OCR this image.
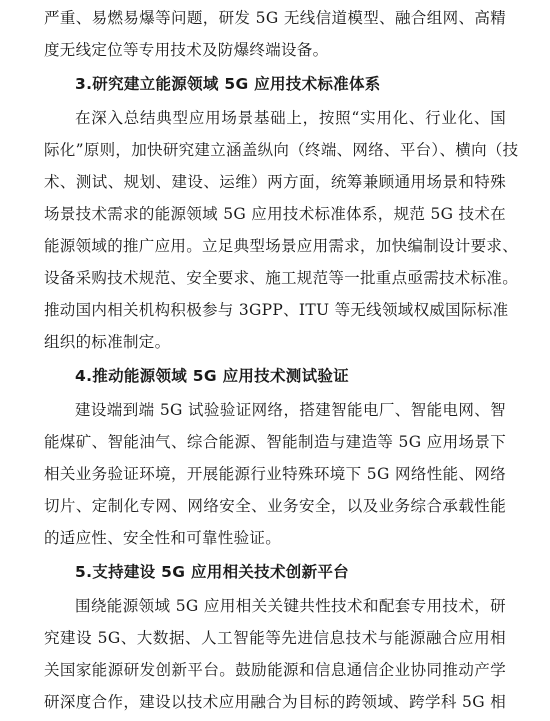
严重、易燃易爆等问题，研发 5G 无线信道模型、融合组网、高精
度无线定位等专用技术及防爆终端设备。
3.研究建立能源领域 5G 应用技术标准体系
在深入总结典型应用场景基础上，按照“实用化、行业化、国
际化”原则，加快研究建立涵盖纵向（终端、网络、平台）、横向（技
术、测试、规划、建设、运维）两方面，统筹兼顾通用场景和特殊
场景技术需求的能源领域 5G 应用技术标准体系，规范 5G 技术在
能源领域的推广应用。立足典型场景应用需求，加快编制设计要求、
设备采购技术规范、安全要求、施工规范等一批重点亟需技术标准。
推动国内相关机构积极参与 3GPP、ITU 等无线领域权威国际标准
组织的标准制定。
4.推动能源领域 5G 应用技术测试验证
建设端到端 5G 试验验证网络，搭建智能电厂、智能电网、智
能煤矿、智能油气、综合能源、智能制造与建造等 5G 应用场景下
相关业务验证环境，开展能源行业特殊环境下 5G 网络性能、网络
切片、定制化专网、网络安全、业务安全，以及业务综合承载性能
的适应性、安全性和可靠性验证。
5.支持建设 5G 应用相关技术创新平台
围绕能源领域 5G 应用相关关键共性技术和配套专用技术，研
究建设 5G、大数据、人工智能等先进信息技术与能源融合应用相
关国家能源研发创新平台。鼓励能源和信息通信企业协同推动产学
研深度合作，建设以技术应用融合为目标的跨领域、跨学科 5G 相
